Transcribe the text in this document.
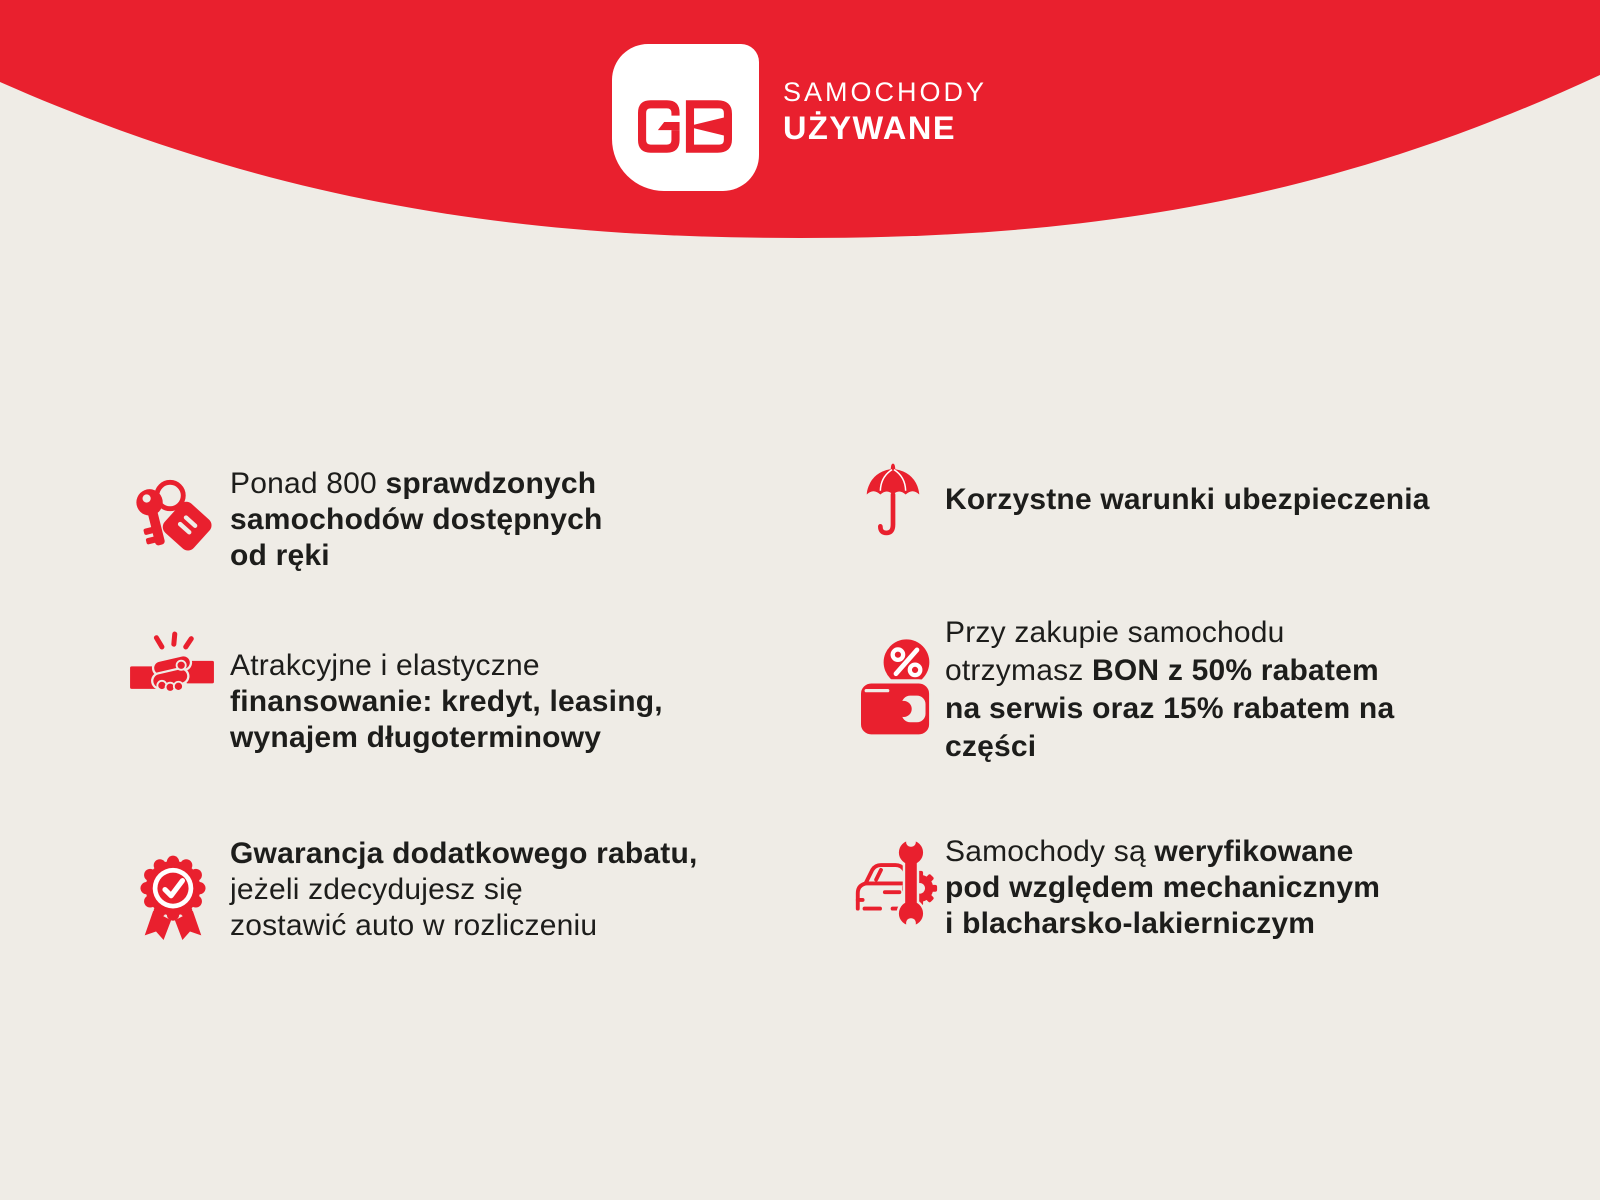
SAMOCHODY
UŻYWANE
Ponad 800 sprawdzonych
samochodów dostępnych
od ręki
Atrakcyjne i elastyczne
finansowanie: kredyt, leasing,
wynajem długoterminowy
Gwarancja dodatkowego rabatu,
jeżeli zdecydujesz się
zostawić auto w rozliczeniu
Korzystne warunki ubezpieczenia
Przy zakupie samochodu
otrzymasz BON z 50% rabatem
na serwis oraz 15% rabatem na
części
Samochody są weryfikowane
pod względem mechanicznym
i blacharsko-lakierniczym
